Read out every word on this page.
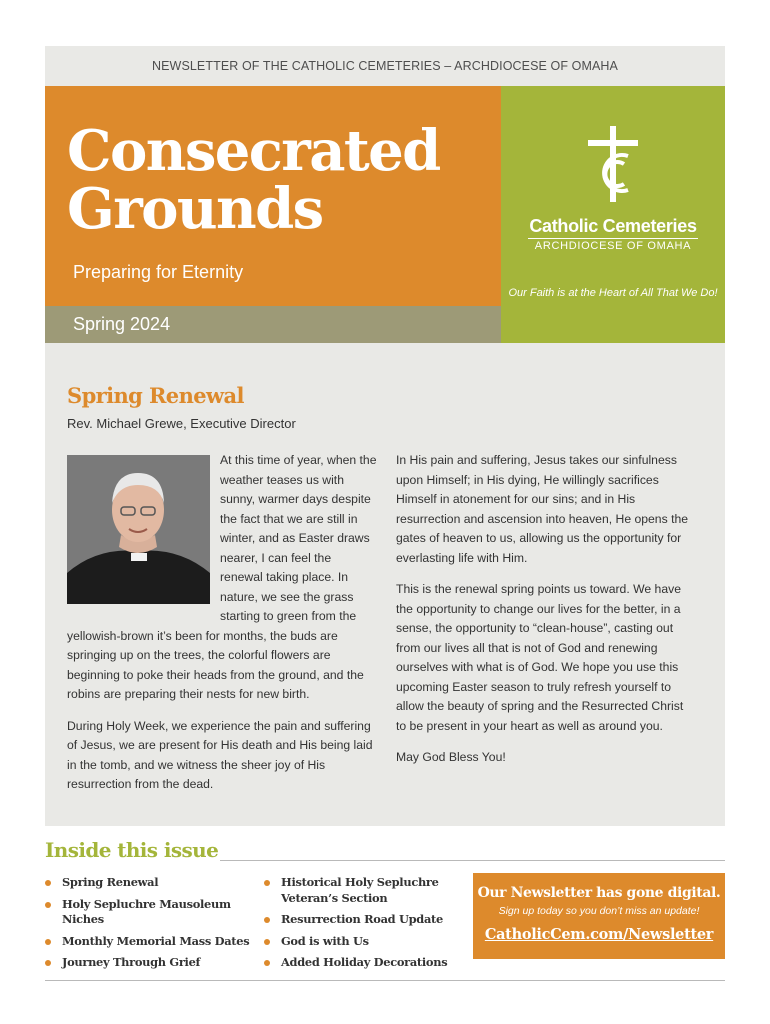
NEWSLETTER OF THE CATHOLIC CEMETERIES – ARCHDIOCESE OF OMAHA
Consecrated
Grounds
Preparing for Eternity
Spring 2024
Catholic Cemeteries
ARCHDIOCESE OF OMAHA
Our Faith is at the Heart of All That We Do!
Spring Renewal
Rev. Michael Grewe, Executive Director

At this time of year, when the weather teases us with sunny, warmer days despite the fact that we are still in winter, and as Easter draws nearer, I can feel the renewal taking place. In nature, we see the grass starting to green from the yellowish-brown it’s been for months, the buds are springing up on the trees, the colorful flowers are beginning to poke their heads from the ground, and the robins are preparing their nests for new birth.

During Holy Week, we experience the pain and suffering of Jesus, we are present for His death and His being laid in the tomb, and we witness the sheer joy of His resurrection from the dead.

In His pain and suffering, Jesus takes our sinfulness upon Himself; in His dying, He willingly sacrifices Himself in atonement for our sins; and in His resurrection and ascension into heaven, He opens the gates of heaven to us, allowing us the opportunity for everlasting life with Him.

This is the renewal spring points us toward. We have the opportunity to change our lives for the better, in a sense, the opportunity to “clean-house”, casting out from our lives all that is not of God and renewing ourselves with what is of God. We hope you use this upcoming Easter season to truly refresh yourself to allow the beauty of spring and the Resurrected Christ to be present in your heart as well as around you.

May God Bless You!

Inside this issue
Spring Renewal
Holy Sepluchre Mausoleum Niches
Monthly Memorial Mass Dates
Journey Through Grief
Historical Holy Sepluchre Veteran’s Section
Resurrection Road Update
God is with Us
Added Holiday Decorations
Our Newsletter has gone digital.
Sign up today so you don’t miss an update!
CatholicCem.com/Newsletter
